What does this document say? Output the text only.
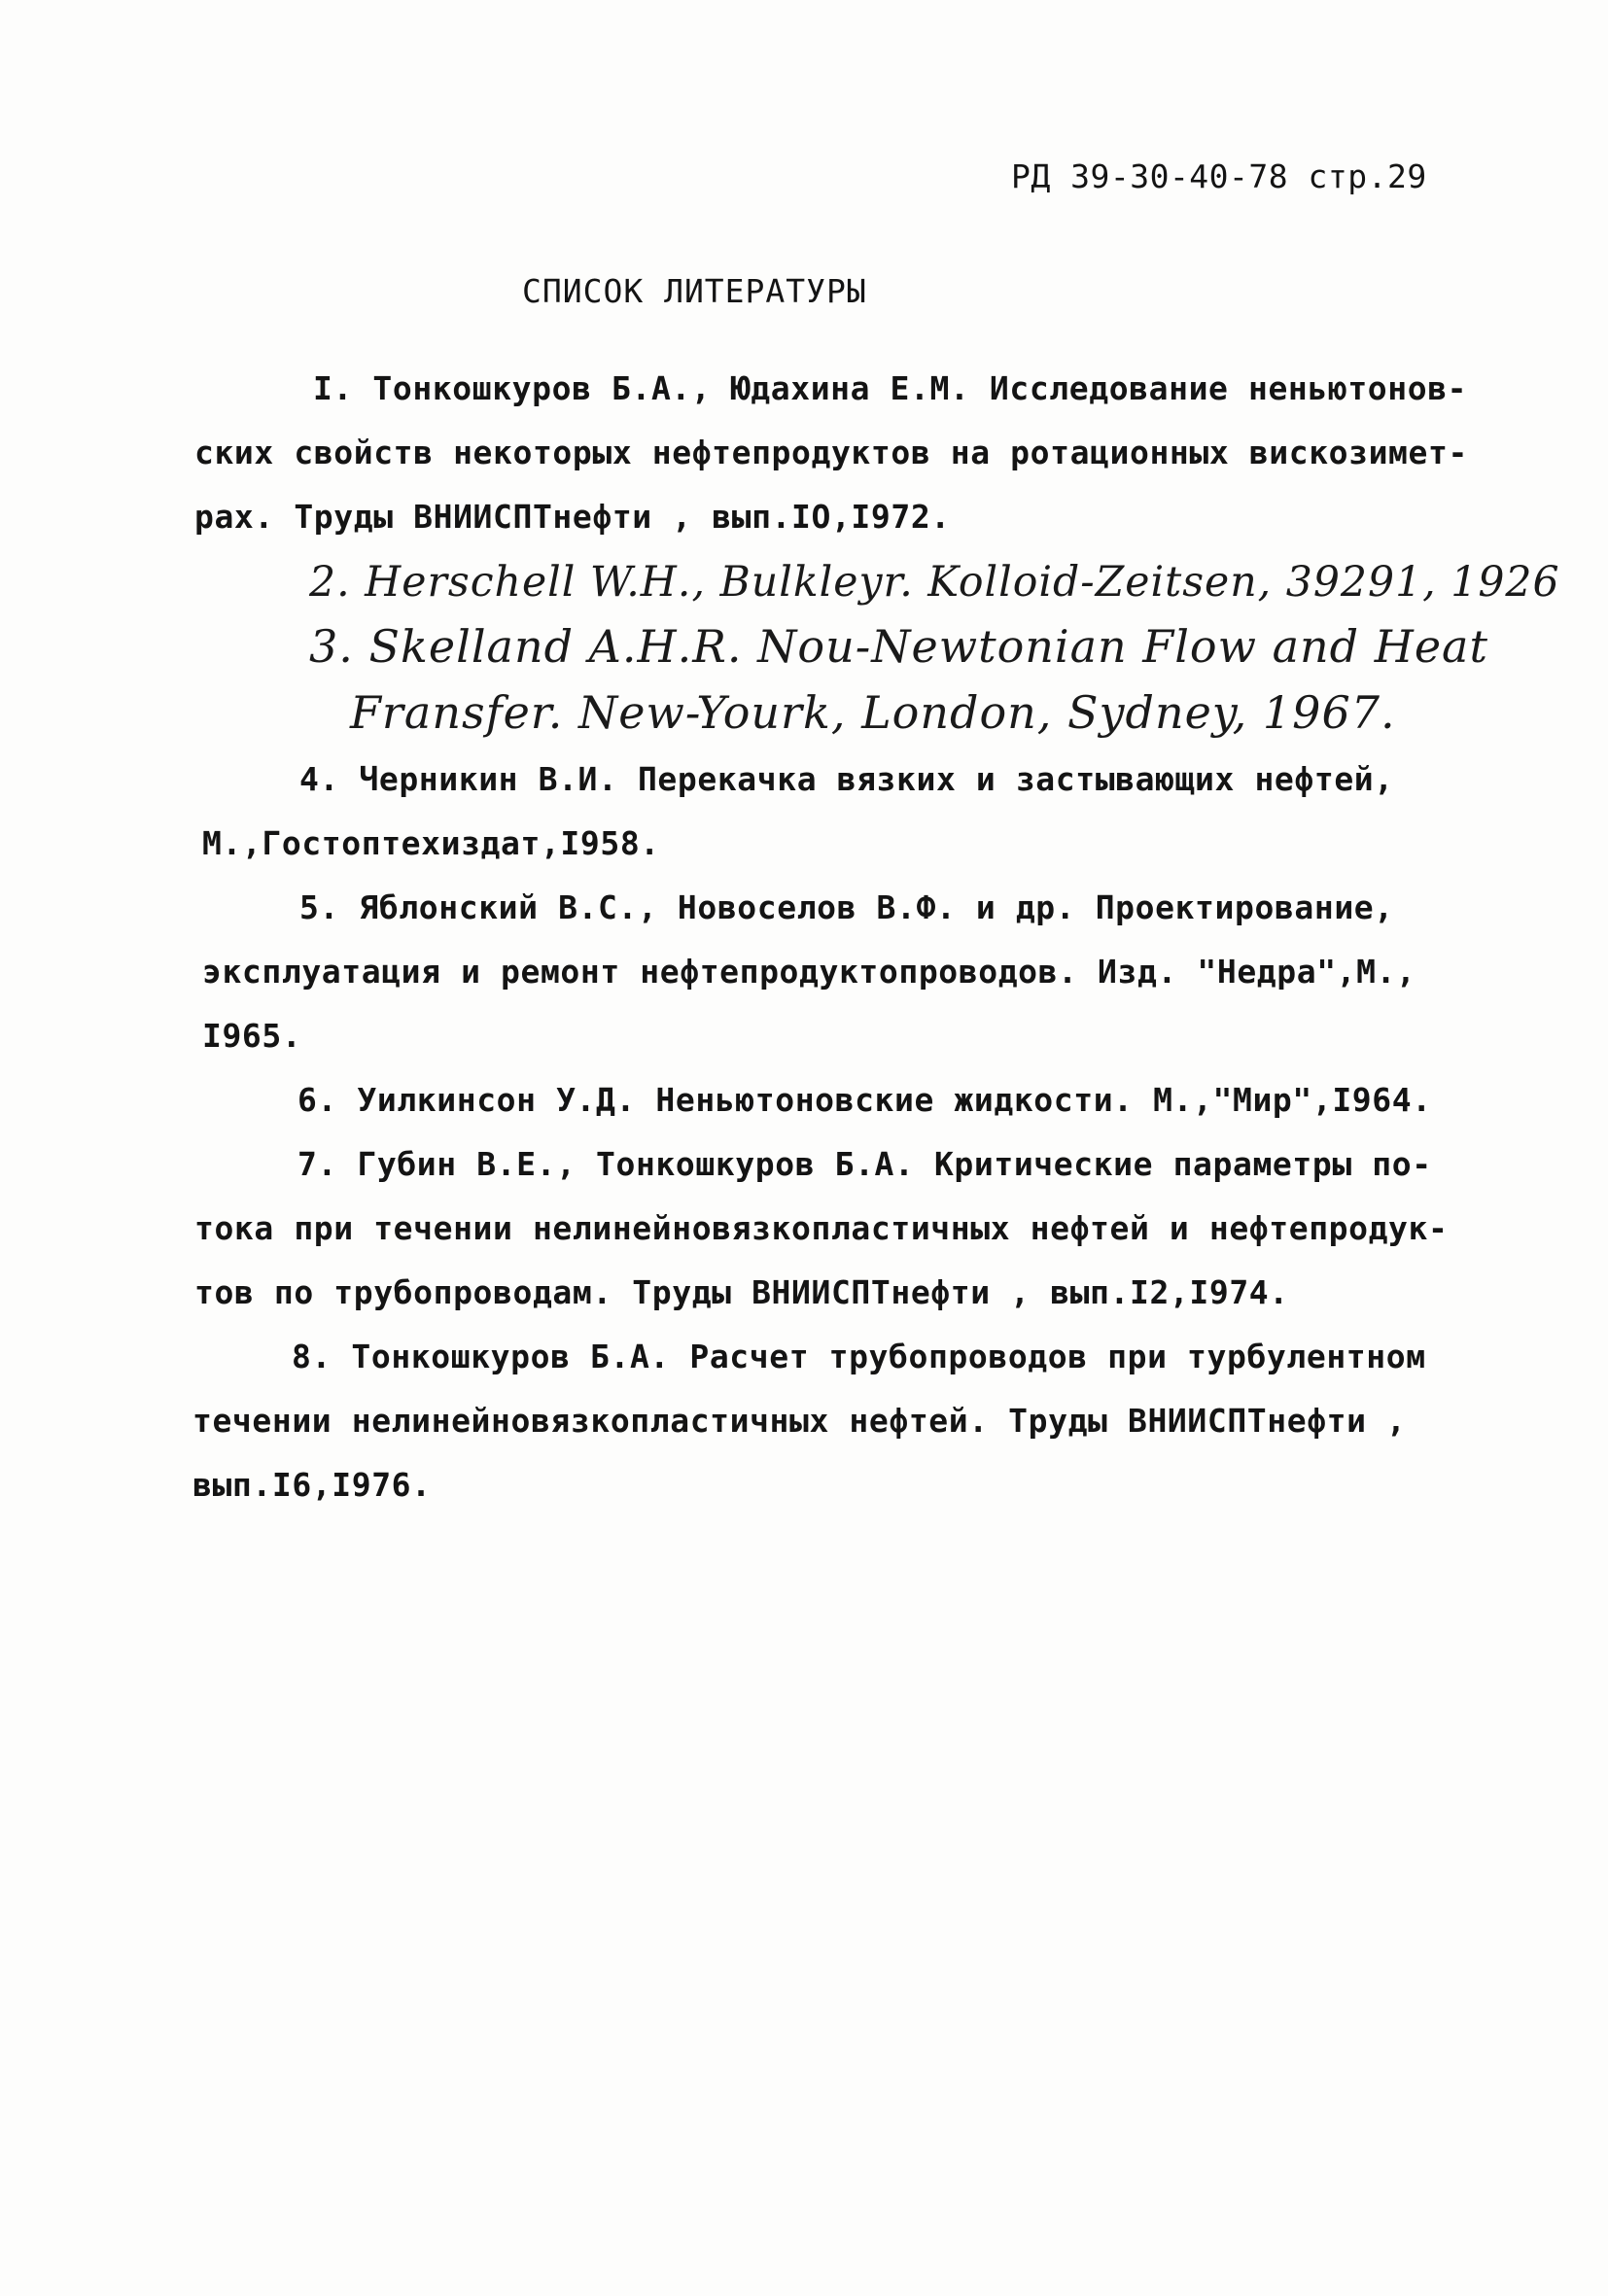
РД 39-30-40-78 стр.29
СПИСОК ЛИТЕРАТУРЫ
I. Тонкошкуров Б.А., Юдахина Е.М. Исследование неньютонов-
ских свойств некоторых нефтепродуктов на ротационных вискозимет-
рах. Труды ВНИИСПТнефти , вып.IO,I972.
2. Herschell W.H., Bulkleyr. Kolloid-Zeitsen, 39291, 1926
3. Skelland A.H.R. Nou-Newtonian Flow and Heat
Fransfer. New-Yourk, London, Sydney, 1967.
4. Черникин В.И. Перекачка вязких и застывающих нефтей,
М.,Гостоптехиздат,I958.
5. Яблонский В.С., Новоселов В.Ф. и др. Проектирование,
эксплуатация и ремонт нефтепродуктопроводов. Изд. "Недра",М.,
I965.
6. Уилкинсон У.Д. Неньютоновские жидкости. М.,"Мир",I964.
7. Губин В.Е., Тонкошкуров Б.А. Критические параметры по-
тока при течении нелинейновязкопластичных нефтей и нефтепродук-
тов по трубопроводам. Труды ВНИИСПТнефти , вып.I2,I974.
8. Тонкошкуров Б.А. Расчет трубопроводов при турбулентном
течении нелинейновязкопластичных нефтей. Труды ВНИИСПТнефти ,
вып.I6,I976.
